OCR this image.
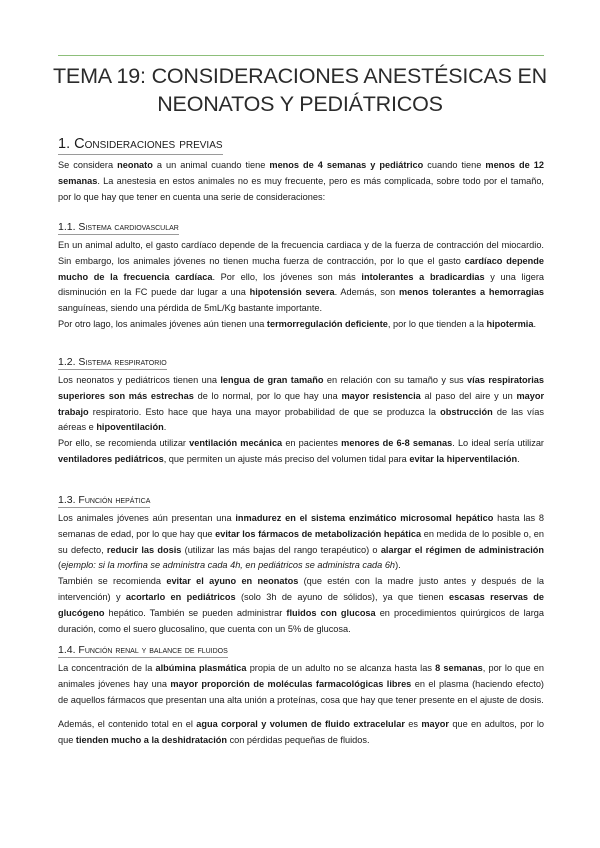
TEMA 19: CONSIDERACIONES ANESTÉSICAS EN
NEONATOS Y PEDIÁTRICOS
1. Consideraciones previas

Se considera neonato a un animal cuando tiene menos de 4 semanas y pediátrico cuando tiene menos de 12 semanas. La anestesia en estos animales no es muy frecuente, pero es más complicada, sobre todo por el tamaño, por lo que hay que tener en cuenta una serie de consideraciones:

1.1. Sistema cardiovascular

En un animal adulto, el gasto cardíaco depende de la frecuencia cardiaca y de la fuerza de contracción del miocardio. Sin embargo, los animales jóvenes no tienen mucha fuerza de contracción, por lo que el gasto cardíaco depende mucho de la frecuencia cardíaca. Por ello, los jóvenes son más intolerantes a bradicardias y una ligera disminución en la FC puede dar lugar a una hipotensión severa. Además, son menos tolerantes a hemorragias sanguíneas, siendo una pérdida de 5mL/Kg bastante importante.

Por otro lago, los animales jóvenes aún tienen una termorregulación deficiente, por lo que tienden a la hipotermia.

1.2. Sistema respiratorio

Los neonatos y pediátricos tienen una lengua de gran tamaño en relación con su tamaño y sus vías respiratorias superiores son más estrechas de lo normal, por lo que hay una mayor resistencia al paso del aire y un mayor trabajo respiratorio. Esto hace que haya una mayor probabilidad de que se produzca la obstrucción de las vías aéreas e hipoventilación.

Por ello, se recomienda utilizar ventilación mecánica en pacientes menores de 6-8 semanas. Lo ideal sería utilizar ventiladores pediátricos, que permiten un ajuste más preciso del volumen tidal para evitar la hiperventilación.

1.3. Función hepática

Los animales jóvenes aún presentan una inmadurez en el sistema enzimático microsomal hepático hasta las 8 semanas de edad, por lo que hay que evitar los fármacos de metabolización hepática en medida de lo posible o, en su defecto, reducir las dosis (utilizar las más bajas del rango terapéutico) o alargar el régimen de administración (ejemplo: si la morfina se administra cada 4h, en pediátricos se administra cada 6h).

También se recomienda evitar el ayuno en neonatos (que estén con la madre justo antes y después de la intervención) y acortarlo en pediátricos (solo 3h de ayuno de sólidos), ya que tienen escasas reservas de glucógeno hepático. También se pueden administrar fluidos con glucosa en procedimientos quirúrgicos de larga duración, como el suero glucosalino, que cuenta con un 5% de glucosa.

1.4. Función renal y balance de fluidos

La concentración de la albúmina plasmática propia de un adulto no se alcanza hasta las 8 semanas, por lo que en animales jóvenes hay una mayor proporción de moléculas farmacológicas libres en el plasma (haciendo efecto) de aquellos fármacos que presentan una alta unión a proteínas, cosa que hay que tener presente en el ajuste de dosis.

Además, el contenido total en el agua corporal y volumen de fluido extracelular es mayor que en adultos, por lo que tienden mucho a la deshidratación con pérdidas pequeñas de fluidos.
